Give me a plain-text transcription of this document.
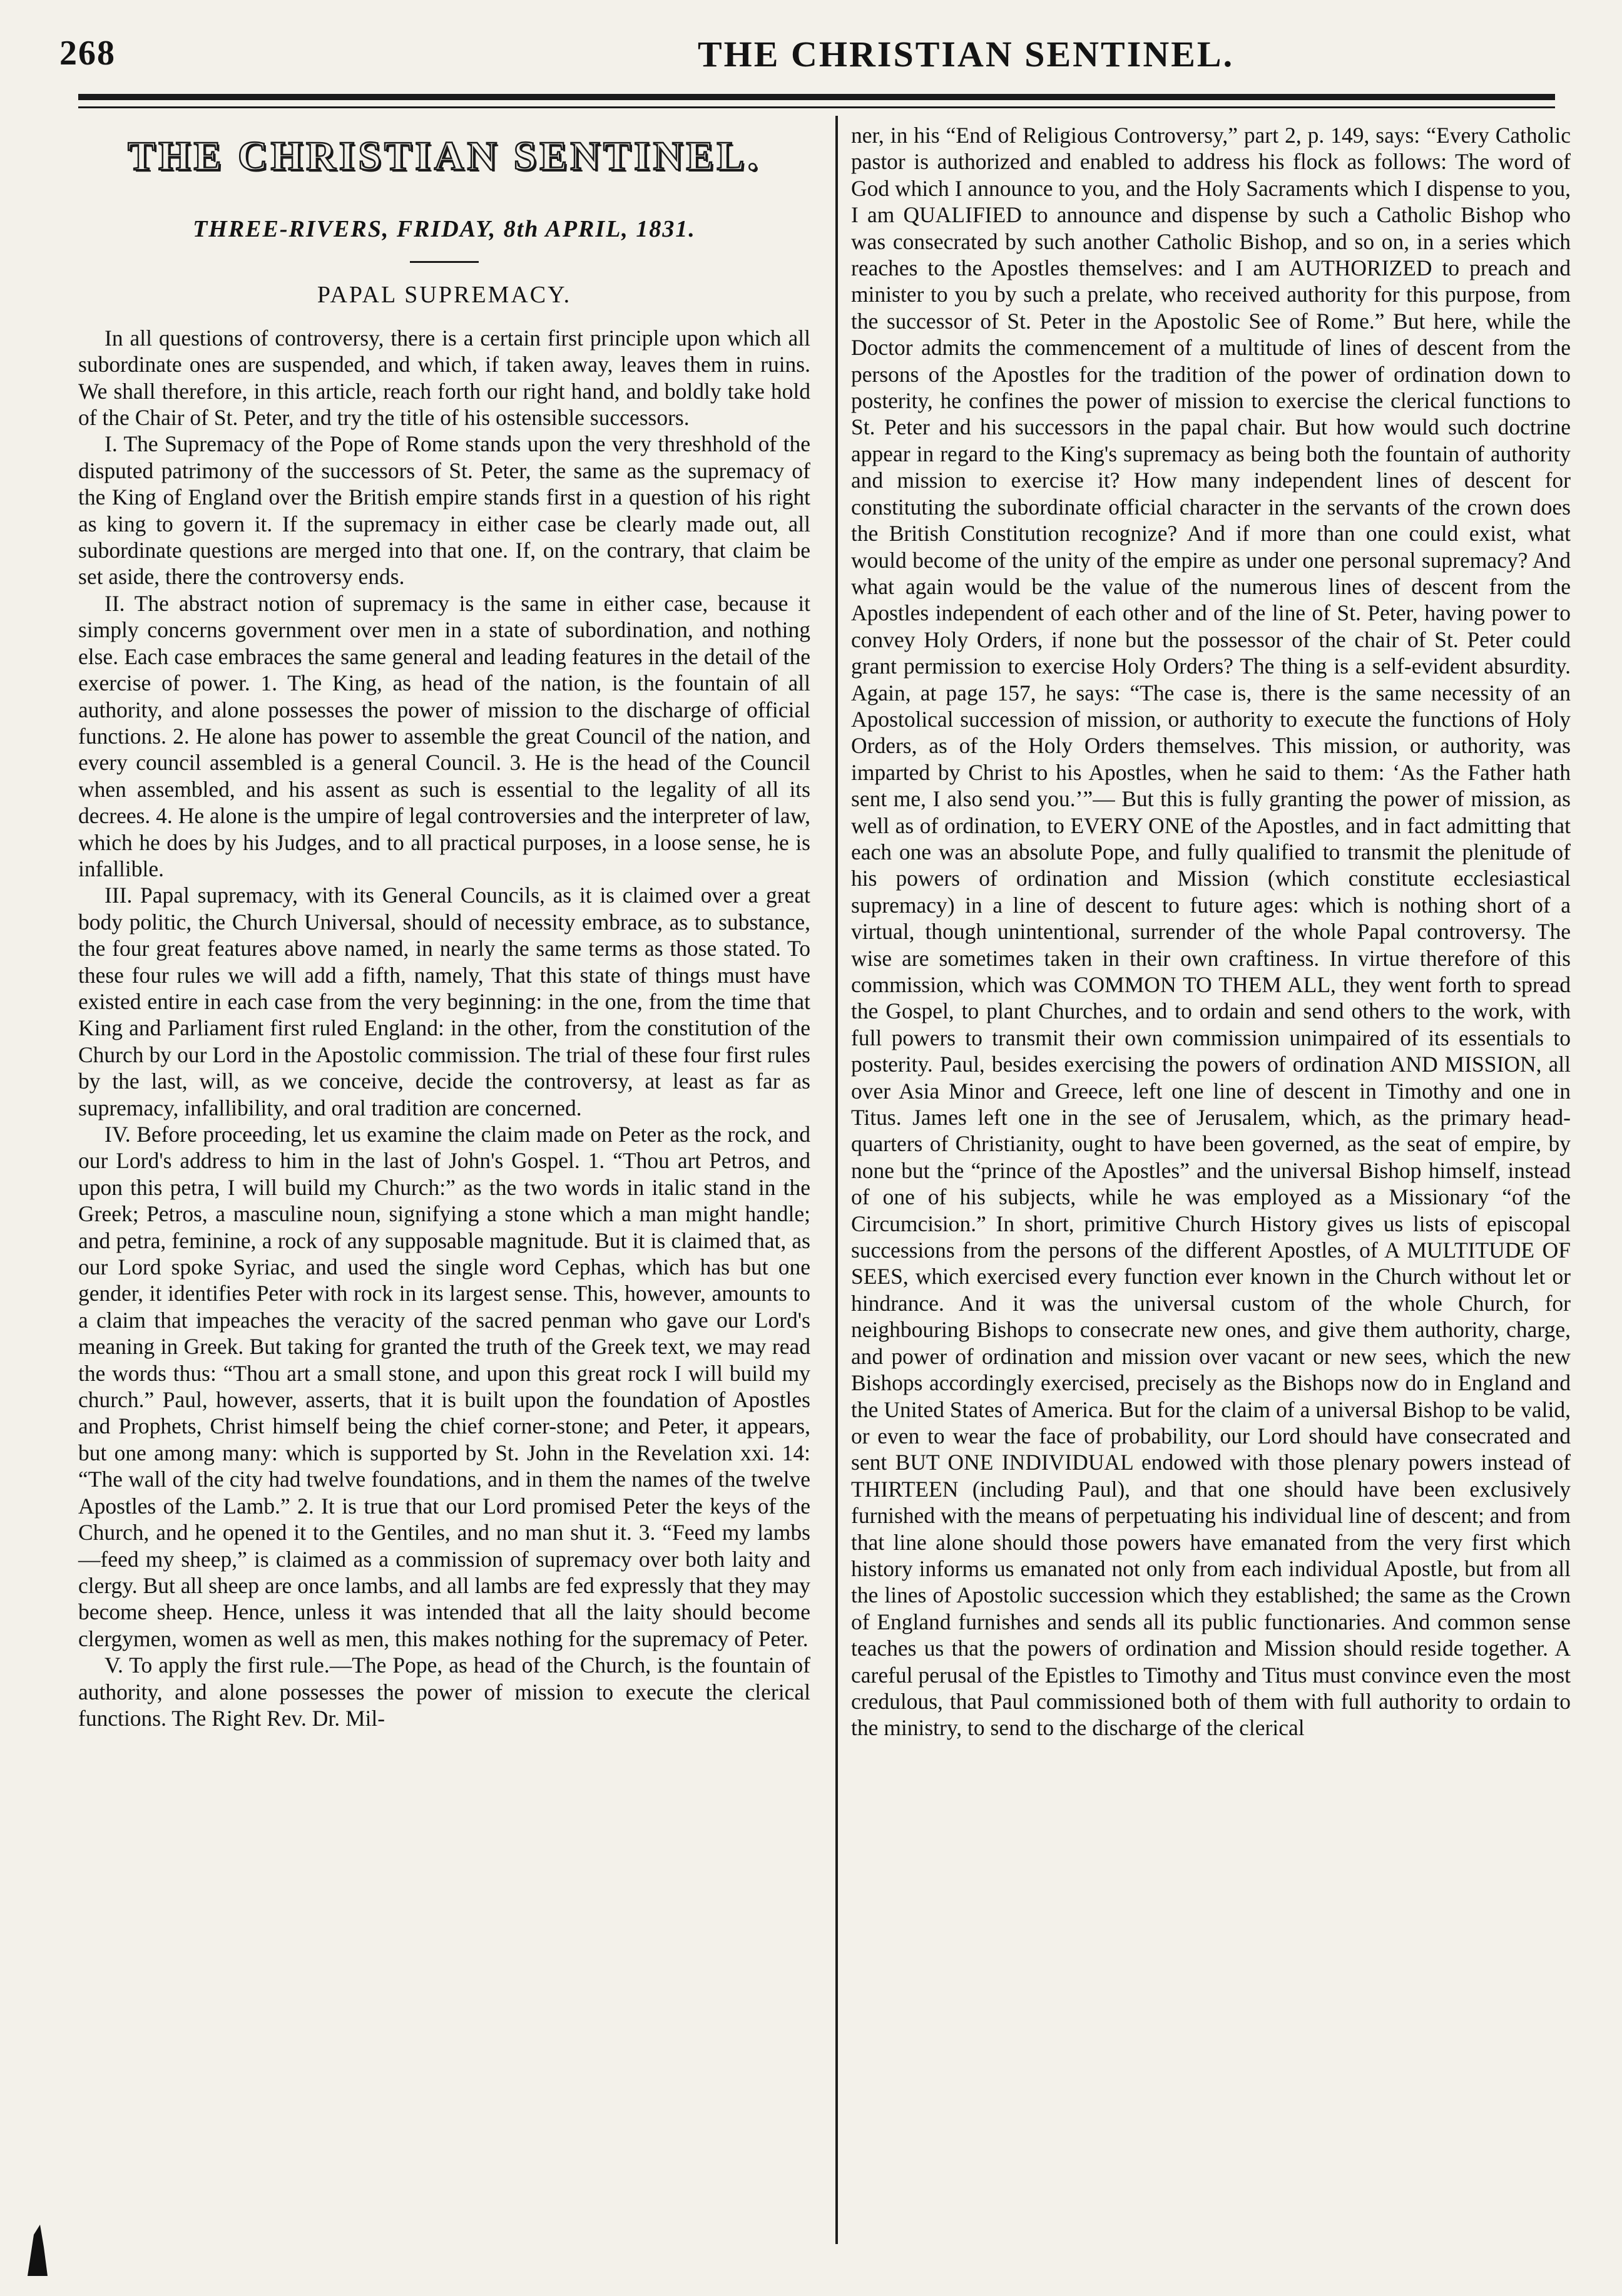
268	THE CHRISTIAN SENTINEL.
THE CHRISTIAN SENTINEL.
THREE-RIVERS, FRIDAY, 8th APRIL, 1831.
PAPAL SUPREMACY.

In all questions of controversy, there is a certain first principle upon which all subordinate ones are suspended, and which, if taken away, leaves them in ruins. We shall therefore, in this article, reach forth our right hand, and boldly take hold of the Chair of St. Peter, and try the title of his ostensible successors.

I. The Supremacy of the Pope of Rome stands upon the very threshhold of the disputed patrimony of the successors of St. Peter, the same as the supremacy of the King of England over the British empire stands first in a question of his right as king to govern it. If the supremacy in either case be clearly made out, all subordinate questions are merged into that one. If, on the contrary, that claim be set aside, there the controversy ends.

II. The abstract notion of supremacy is the same in either case, because it simply concerns government over men in a state of subordination, and nothing else. Each case embraces the same general and leading features in the detail of the exercise of power. 1. The King, as head of the nation, is the fountain of all authority, and alone possesses the power of mission to the discharge of official functions. 2. He alone has power to assemble the great Council of the nation, and every council assembled is a general Council. 3. He is the head of the Council when assembled, and his assent as such is essential to the legality of all its decrees. 4. He alone is the umpire of legal controversies and the interpreter of law, which he does by his Judges, and to all practical purposes, in a loose sense, he is infallible.

III. Papal supremacy, with its General Councils, as it is claimed over a great body politic, the Church Universal, should of necessity embrace, as to substance, the four great features above named, in nearly the same terms as those stated. To these four rules we will add a fifth, namely, That this state of things must have existed entire in each case from the very beginning: in the one, from the time that King and Parliament first ruled England: in the other, from the constitution of the Church by our Lord in the Apostolic commission. The trial of these four first rules by the last, will, as we conceive, decide the controversy, at least as far as supremacy, infallibility, and oral tradition are concerned.

IV. Before proceeding, let us examine the claim made on Peter as the rock, and our Lord's address to him in the last of John's Gospel. 1. “Thou art Petros, and upon this petra, I will build my Church:” as the two words in italic stand in the Greek; Petros, a masculine noun, signifying a stone which a man might handle; and petra, feminine, a rock of any supposable magnitude. But it is claimed that, as our Lord spoke Syriac, and used the single word Cephas, which has but one gender, it identifies Peter with rock in its largest sense. This, however, amounts to a claim that impeaches the veracity of the sacred penman who gave our Lord's meaning in Greek. But taking for granted the truth of the Greek text, we may read the words thus: “Thou art a small stone, and upon this great rock I will build my church.” Paul, however, asserts, that it is built upon the foundation of Apostles and Prophets, Christ himself being the chief corner-stone; and Peter, it appears, but one among many: which is supported by St. John in the Revelation xxi. 14: “The wall of the city had twelve foundations, and in them the names of the twelve Apostles of the Lamb.” 2. It is true that our Lord promised Peter the keys of the Church, and he opened it to the Gentiles, and no man shut it. 3. “Feed my lambs—feed my sheep,” is claimed as a commission of supremacy over both laity and clergy. But all sheep are once lambs, and all lambs are fed expressly that they may become sheep. Hence, unless it was intended that all the laity should become clergymen, women as well as men, this makes nothing for the supremacy of Peter.

V. To apply the first rule.—The Pope, as head of the Church, is the fountain of authority, and alone possesses the power of mission to execute the clerical functions. The Right Rev. Dr. Mil-

ner, in his “End of Religious Controversy,” part 2, p. 149, says: “Every Catholic pastor is authorized and enabled to address his flock as follows: The word of God which I announce to you, and the Holy Sacraments which I dispense to you, I am QUALIFIED to announce and dispense by such a Catholic Bishop who was consecrated by such another Catholic Bishop, and so on, in a series which reaches to the Apostles themselves: and I am AUTHORIZED to preach and minister to you by such a prelate, who received authority for this purpose, from the successor of St. Peter in the Apostolic See of Rome.” But here, while the Doctor admits the commencement of a multitude of lines of descent from the persons of the Apostles for the tradition of the power of ordination down to posterity, he confines the power of mission to exercise the clerical functions to St. Peter and his successors in the papal chair. But how would such doctrine appear in regard to the King's supremacy as being both the fountain of authority and mission to exercise it? How many independent lines of descent for constituting the subordinate official character in the servants of the crown does the British Constitution recognize? And if more than one could exist, what would become of the unity of the empire as under one personal supremacy? And what again would be the value of the numerous lines of descent from the Apostles independent of each other and of the line of St. Peter, having power to convey Holy Orders, if none but the possessor of the chair of St. Peter could grant permission to exercise Holy Orders? The thing is a self-evident absurdity. Again, at page 157, he says: “The case is, there is the same necessity of an Apostolical succession of mission, or authority to execute the functions of Holy Orders, as of the Holy Orders themselves. This mission, or authority, was imparted by Christ to his Apostles, when he said to them: ‘As the Father hath sent me, I also send you.’”— But this is fully granting the power of mission, as well as of ordination, to EVERY ONE of the Apostles, and in fact admitting that each one was an absolute Pope, and fully qualified to transmit the plenitude of his powers of ordination and Mission (which constitute ecclesiastical supremacy) in a line of descent to future ages: which is nothing short of a virtual, though unintentional, surrender of the whole Papal controversy. The wise are sometimes taken in their own craftiness. In virtue therefore of this commission, which was COMMON TO THEM ALL, they went forth to spread the Gospel, to plant Churches, and to ordain and send others to the work, with full powers to transmit their own commission unimpaired of its essentials to posterity. Paul, besides exercising the powers of ordination AND MISSION, all over Asia Minor and Greece, left one line of descent in Timothy and one in Titus. James left one in the see of Jerusalem, which, as the primary head-quarters of Christianity, ought to have been governed, as the seat of empire, by none but the “prince of the Apostles” and the universal Bishop himself, instead of one of his subjects, while he was employed as a Missionary “of the Circumcision.” In short, primitive Church History gives us lists of episcopal successions from the persons of the different Apostles, of A MULTITUDE OF SEES, which exercised every function ever known in the Church without let or hindrance. And it was the universal custom of the whole Church, for neighbouring Bishops to consecrate new ones, and give them authority, charge, and power of ordination and mission over vacant or new sees, which the new Bishops accordingly exercised, precisely as the Bishops now do in England and the United States of America. But for the claim of a universal Bishop to be valid, or even to wear the face of probability, our Lord should have consecrated and sent BUT ONE INDIVIDUAL endowed with those plenary powers instead of THIRTEEN (including Paul), and that one should have been exclusively furnished with the means of perpetuating his individual line of descent; and from that line alone should those powers have emanated from the very first which history informs us emanated not only from each individual Apostle, but from all the lines of Apostolic succession which they established; the same as the Crown of England furnishes and sends all its public functionaries. And common sense teaches us that the powers of ordination and Mission should reside together. A careful perusal of the Epistles to Timothy and Titus must convince even the most credulous, that Paul commissioned both of them with full authority to ordain to the ministry, to send to the discharge of the clerical
